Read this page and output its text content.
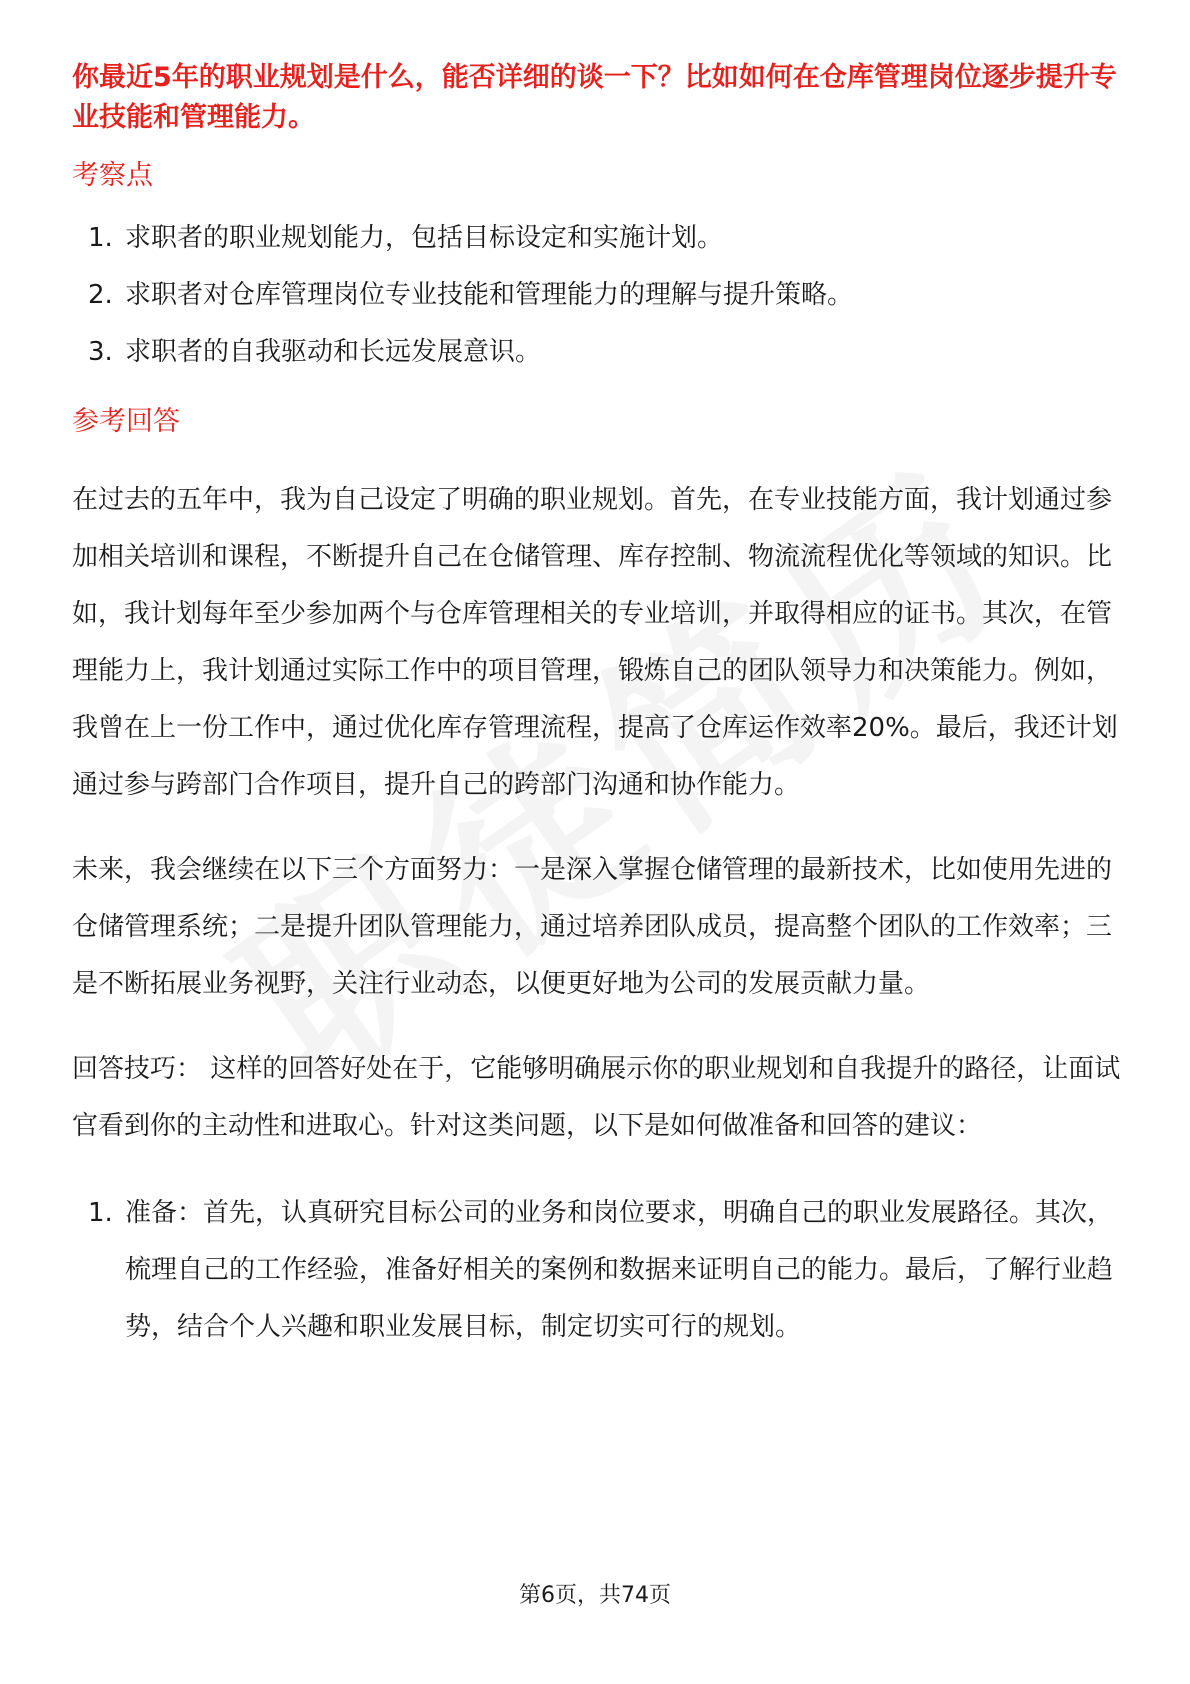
你最近5年的职业规划是什么，能否详细的谈一下？比如如何在仓库管理岗位逐步提升专业技能和管理能力。

考察点

1. 求职者的职业规划能力，包括目标设定和实施计划。
2. 求职者对仓库管理岗位专业技能和管理能力的理解与提升策略。
3. 求职者的自我驱动和长远发展意识。

参考回答

在过去的五年中，我为自己设定了明确的职业规划。首先，在专业技能方面，我计划通过参加相关培训和课程，不断提升自己在仓储管理、库存控制、物流流程优化等领域的知识。比如，我计划每年至少参加两个与仓库管理相关的专业培训，并取得相应的证书。其次，在管理能力上，我计划通过实际工作中的项目管理，锻炼自己的团队领导力和决策能力。例如，我曾在上一份工作中，通过优化库存管理流程，提高了仓库运作效率20%。最后，我还计划通过参与跨部门合作项目，提升自己的跨部门沟通和协作能力。

未来，我会继续在以下三个方面努力：一是深入掌握仓储管理的最新技术，比如使用先进的仓储管理系统；二是提升团队管理能力，通过培养团队成员，提高整个团队的工作效率；三是不断拓展业务视野，关注行业动态，以便更好地为公司的发展贡献力量。

回答技巧： 这样的回答好处在于，它能够明确展示你的职业规划和自我提升的路径，让面试官看到你的主动性和进取心。针对这类问题，以下是如何做准备和回答的建议：

1. 准备：首先，认真研究目标公司的业务和岗位要求，明确自己的职业发展路径。其次，梳理自己的工作经验，准备好相关的案例和数据来证明自己的能力。最后，了解行业趋势，结合个人兴趣和职业发展目标，制定切实可行的规划。
第6页，共74页
